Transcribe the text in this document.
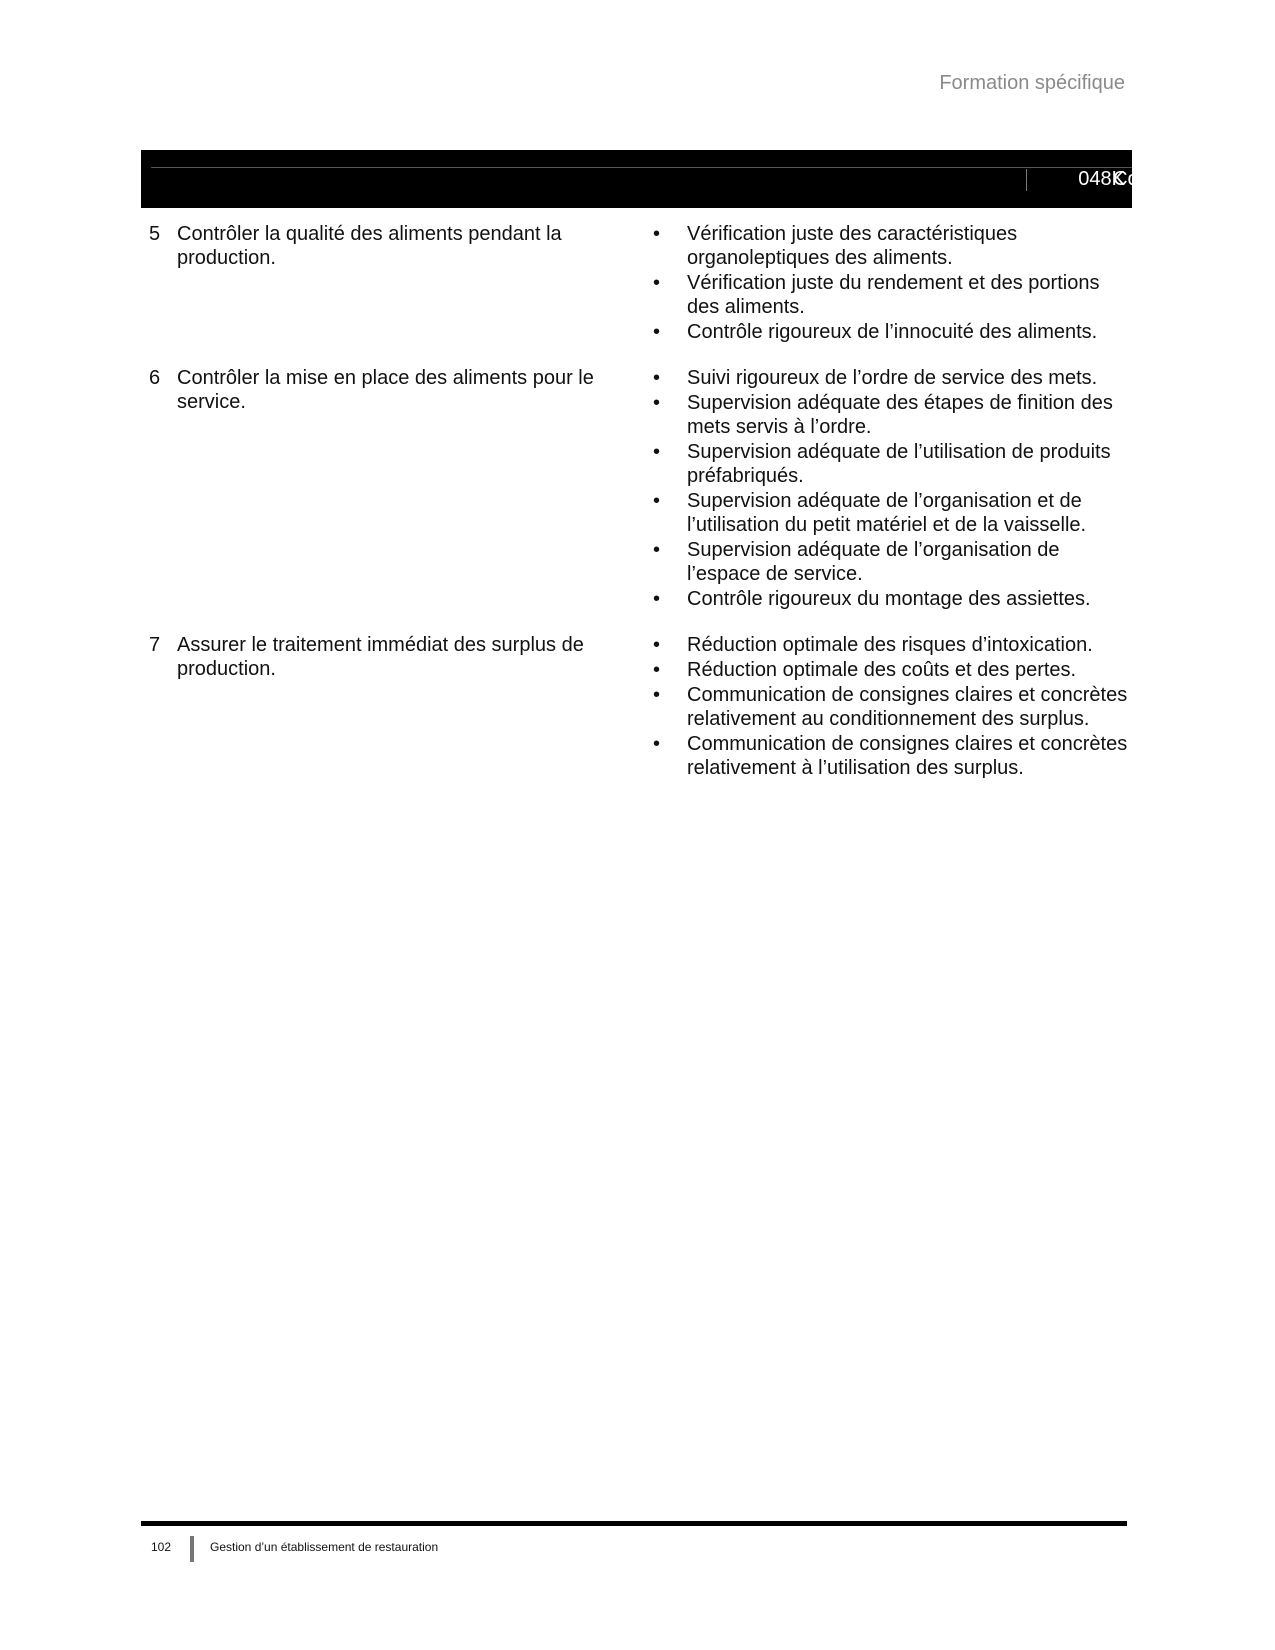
Formation spécifique
Code :
048K
5 Contrôler la qualité des aliments pendant la production.
• Vérification juste des caractéristiques organoleptiques des aliments.
• Vérification juste du rendement et des portions des aliments.
• Contrôle rigoureux de l’innocuité des aliments.
6 Contrôler la mise en place des aliments pour le service.
• Suivi rigoureux de l’ordre de service des mets.
• Supervision adéquate des étapes de finition des mets servis à l’ordre.
• Supervision adéquate de l’utilisation de produits préfabriqués.
• Supervision adéquate de l’organisation et de l’utilisation du petit matériel et de la vaisselle.
• Supervision adéquate de l’organisation de l’espace de service.
• Contrôle rigoureux du montage des assiettes.
7 Assurer le traitement immédiat des surplus de production.
• Réduction optimale des risques d’intoxication.
• Réduction optimale des coûts et des pertes.
• Communication de consignes claires et concrètes relativement au conditionnement des surplus.
• Communication de consignes claires et concrètes relativement à l’utilisation des surplus.
102	Gestion d’un établissement de restauration
